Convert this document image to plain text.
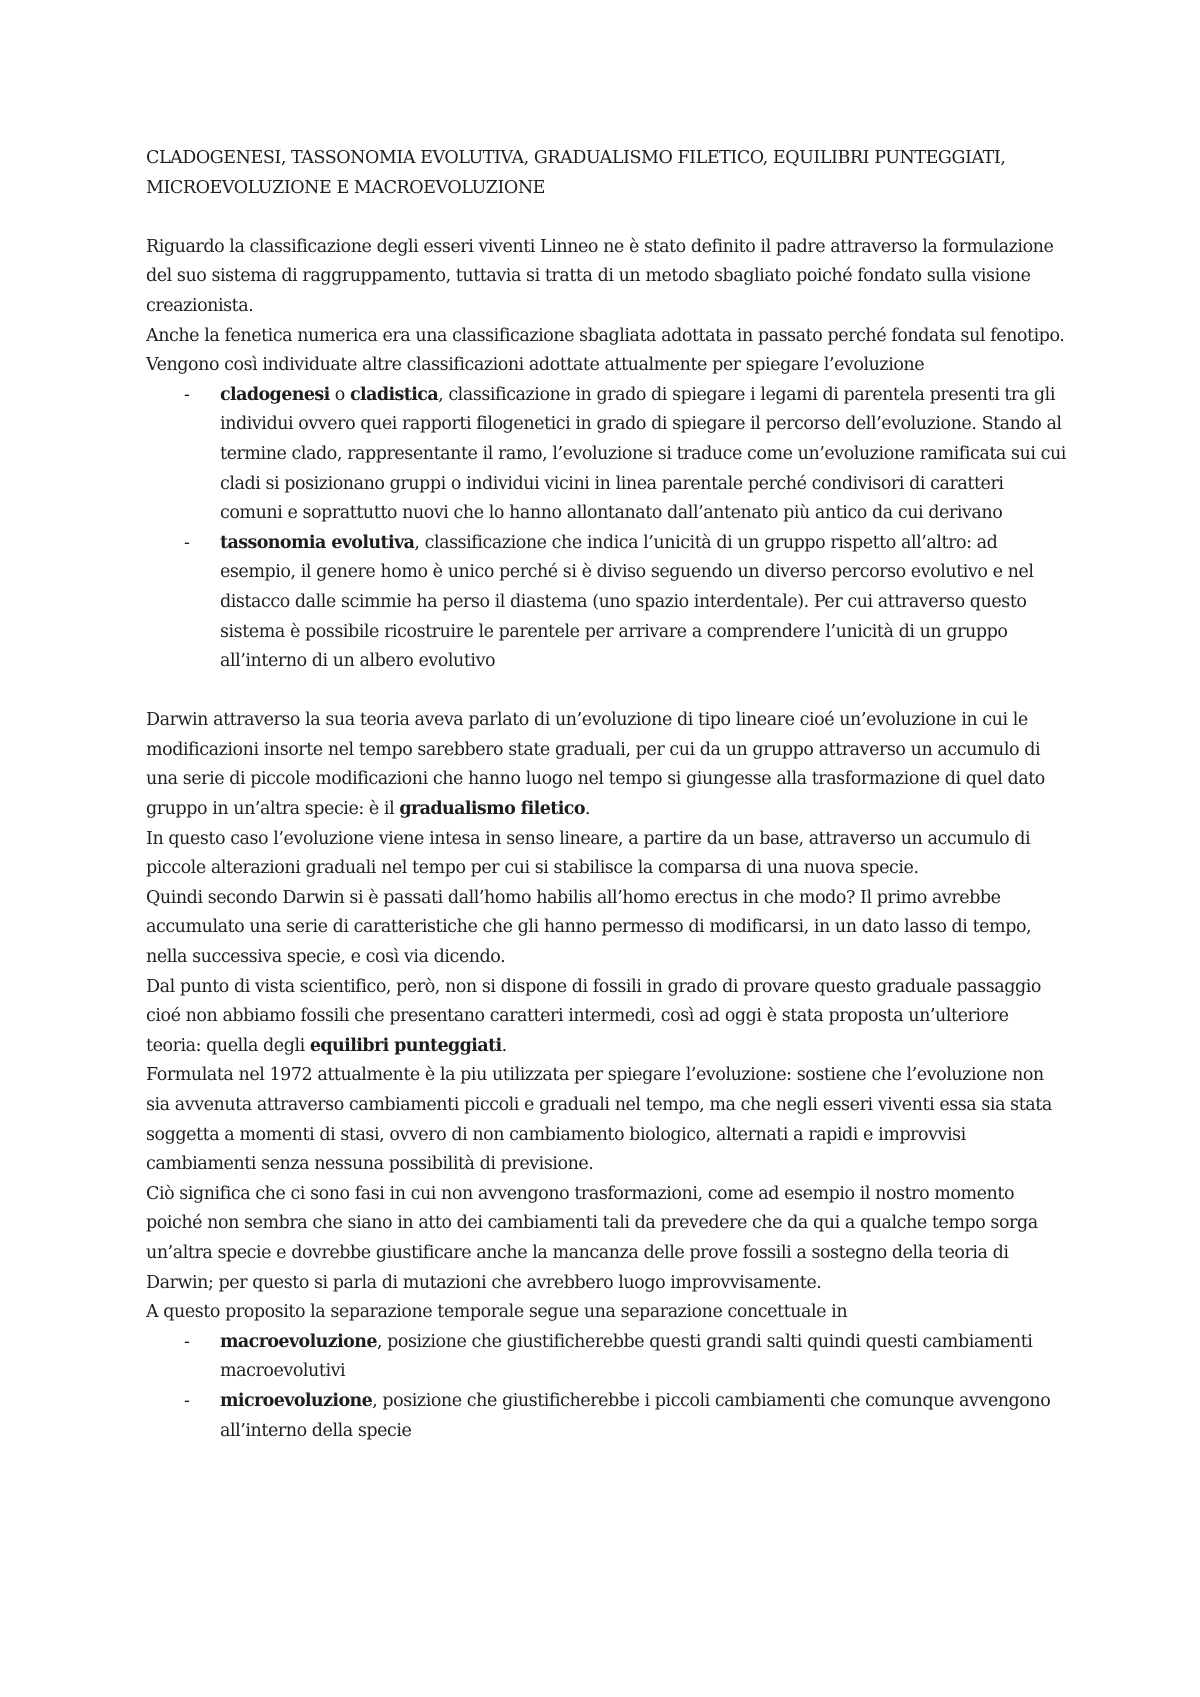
CLADOGENESI, TASSONOMIA EVOLUTIVA, GRADUALISMO FILETICO, EQUILIBRI PUNTEGGIATI, MICROEVOLUZIONE E MACROEVOLUZIONE

Riguardo la classificazione degli esseri viventi Linneo ne è stato definito il padre attraverso la formulazione del suo sistema di raggruppamento, tuttavia si tratta di un metodo sbagliato poiché fondato sulla visione creazionista.

Anche la fenetica numerica era una classificazione sbagliata adottata in passato perché fondata sul fenotipo.

Vengono così individuate altre classificazioni adottate attualmente per spiegare l’evoluzione

- cladogenesi o cladistica, classificazione in grado di spiegare i legami di parentela presenti tra gli individui ovvero quei rapporti filogenetici in grado di spiegare il percorso dell’evoluzione. Stando al termine clado, rappresentante il ramo, l’evoluzione si traduce come un’evoluzione ramificata sui cui cladi si posizionano gruppi o individui vicini in linea parentale perché condivisori di caratteri comuni e soprattutto nuovi che lo hanno allontanato dall’antenato più antico da cui derivano
- tassonomia evolutiva, classificazione che indica l’unicità di un gruppo rispetto all’altro: ad esempio, il genere homo è unico perché si è diviso seguendo un diverso percorso evolutivo e nel distacco dalle scimmie ha perso il diastema (uno spazio interdentale). Per cui attraverso questo sistema è possibile ricostruire le parentele per arrivare a comprendere l’unicità di un gruppo all’interno di un albero evolutivo

Darwin attraverso la sua teoria aveva parlato di un’evoluzione di tipo lineare cioé un’evoluzione in cui le modificazioni insorte nel tempo sarebbero state graduali, per cui da un gruppo attraverso un accumulo di una serie di piccole modificazioni che hanno luogo nel tempo si giungesse alla trasformazione di quel dato gruppo in un’altra specie: è il gradualismo filetico.

In questo caso l’evoluzione viene intesa in senso lineare, a partire da un base, attraverso un accumulo di piccole alterazioni graduali nel tempo per cui si stabilisce la comparsa di una nuova specie.

Quindi secondo Darwin si è passati dall’homo habilis all’homo erectus in che modo? Il primo avrebbe accumulato una serie di caratteristiche che gli hanno permesso di modificarsi, in un dato lasso di tempo, nella successiva specie, e così via dicendo.

Dal punto di vista scientifico, però, non si dispone di fossili in grado di provare questo graduale passaggio cioé non abbiamo fossili che presentano caratteri intermedi, così ad oggi è stata proposta un’ulteriore teoria: quella degli equilibri punteggiati.

Formulata nel 1972 attualmente è la piu utilizzata per spiegare l’evoluzione: sostiene che l’evoluzione non sia avvenuta attraverso cambiamenti piccoli e graduali nel tempo, ma che negli esseri viventi essa sia stata soggetta a momenti di stasi, ovvero di non cambiamento biologico, alternati a rapidi e improvvisi cambiamenti senza nessuna possibilità di previsione.

Ciò significa che ci sono fasi in cui non avvengono trasformazioni, come ad esempio il nostro momento poiché non sembra che siano in atto dei cambiamenti tali da prevedere che da qui a qualche tempo sorga un’altra specie e dovrebbe giustificare anche la mancanza delle prove fossili a sostegno della teoria di Darwin; per questo si parla di mutazioni che avrebbero luogo improvvisamente.

A questo proposito la separazione temporale segue una separazione concettuale in

- macroevoluzione, posizione che giustificherebbe questi grandi salti quindi questi cambiamenti macroevolutivi
- microevoluzione, posizione che giustificherebbe i piccoli cambiamenti che comunque avvengono all’interno della specie
